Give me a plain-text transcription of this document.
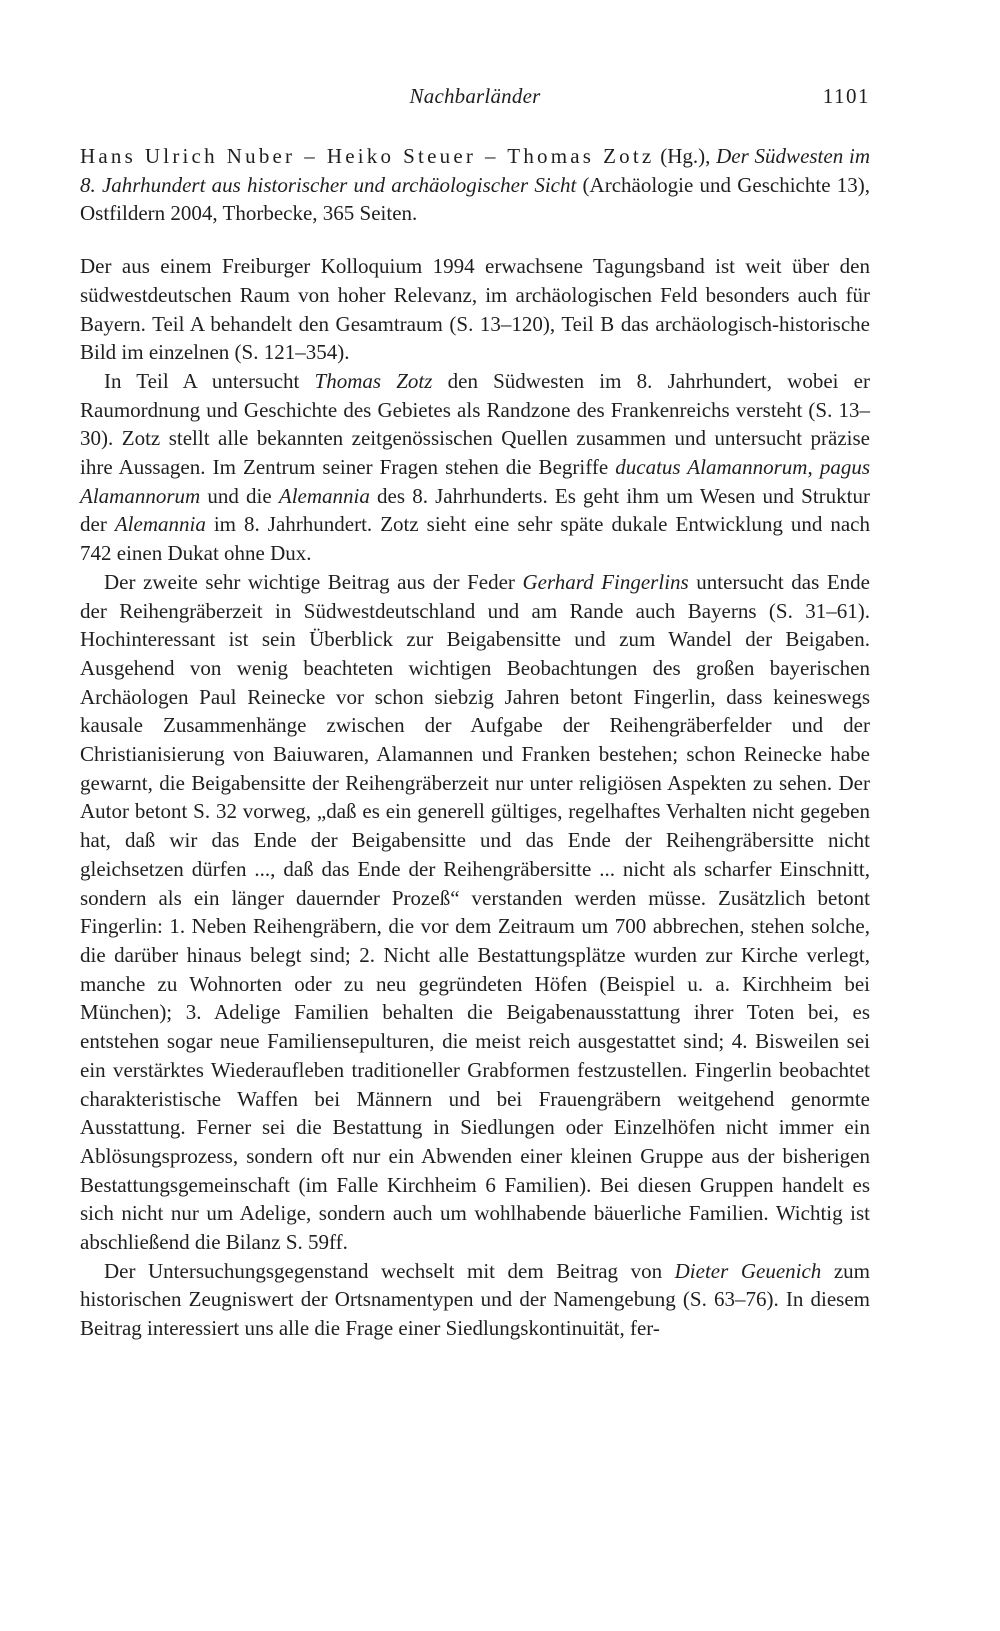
Nachbarländer	1101

Hans Ulrich Nuber – Heiko Steuer – Thomas Zotz (Hg.), Der Südwesten im 8. Jahrhundert aus historischer und archäologischer Sicht (Archäologie und Geschichte 13), Ostfildern 2004, Thorbecke, 365 Seiten.

Der aus einem Freiburger Kolloquium 1994 erwachsene Tagungsband ist weit über den südwestdeutschen Raum von hoher Relevanz, im archäologischen Feld besonders auch für Bayern. Teil A behandelt den Gesamtraum (S. 13–120), Teil B das archäologisch-historische Bild im einzelnen (S. 121–354).

In Teil A untersucht Thomas Zotz den Südwesten im 8. Jahrhundert, wobei er Raumordnung und Geschichte des Gebietes als Randzone des Frankenreichs versteht (S. 13–30). Zotz stellt alle bekannten zeitgenössischen Quellen zusammen und untersucht präzise ihre Aussagen. Im Zentrum seiner Fragen stehen die Begriffe ducatus Alamannorum, pagus Alamannorum und die Alemannia des 8. Jahrhunderts. Es geht ihm um Wesen und Struktur der Alemannia im 8. Jahrhundert. Zotz sieht eine sehr späte dukale Entwicklung und nach 742 einen Dukat ohne Dux.

Der zweite sehr wichtige Beitrag aus der Feder Gerhard Fingerlins untersucht das Ende der Reihengräberzeit in Südwestdeutschland und am Rande auch Bayerns (S. 31–61). Hochinteressant ist sein Überblick zur Beigabensitte und zum Wandel der Beigaben. Ausgehend von wenig beachteten wichtigen Beobachtungen des großen bayerischen Archäologen Paul Reinecke vor schon siebzig Jahren betont Fingerlin, dass keineswegs kausale Zusammenhänge zwischen der Aufgabe der Reihengräberfelder und der Christianisierung von Baiuwaren, Alamannen und Franken bestehen; schon Reinecke habe gewarnt, die Beigabensitte der Reihengräberzeit nur unter religiösen Aspekten zu sehen. Der Autor betont S. 32 vorweg, „daß es ein generell gültiges, regelhaftes Verhalten nicht gegeben hat, daß wir das Ende der Beigabensitte und das Ende der Reihengräbersitte nicht gleichsetzen dürfen ..., daß das Ende der Reihengräbersitte ... nicht als scharfer Einschnitt, sondern als ein länger dauernder Prozeß“ verstanden werden müsse. Zusätzlich betont Fingerlin: 1. Neben Reihengräbern, die vor dem Zeitraum um 700 abbrechen, stehen solche, die darüber hinaus belegt sind; 2. Nicht alle Bestattungsplätze wurden zur Kirche verlegt, manche zu Wohnorten oder zu neu gegründeten Höfen (Beispiel u. a. Kirchheim bei München); 3. Adelige Familien behalten die Beigabenausstattung ihrer Toten bei, es entstehen sogar neue Familiensepulturen, die meist reich ausgestattet sind; 4. Bisweilen sei ein verstärktes Wiederaufleben traditioneller Grabformen festzustellen. Fingerlin beobachtet charakteristische Waffen bei Männern und bei Frauengräbern weitgehend genormte Ausstattung. Ferner sei die Bestattung in Siedlungen oder Einzelhöfen nicht immer ein Ablösungsprozess, sondern oft nur ein Abwenden einer kleinen Gruppe aus der bisherigen Bestattungsgemeinschaft (im Falle Kirchheim 6 Familien). Bei diesen Gruppen handelt es sich nicht nur um Adelige, sondern auch um wohlhabende bäuerliche Familien. Wichtig ist abschließend die Bilanz S. 59ff.

Der Untersuchungsgegenstand wechselt mit dem Beitrag von Dieter Geuenich zum historischen Zeugniswert der Ortsnamentypen und der Namengebung (S. 63–76). In diesem Beitrag interessiert uns alle die Frage einer Siedlungskontinuität, fer-
